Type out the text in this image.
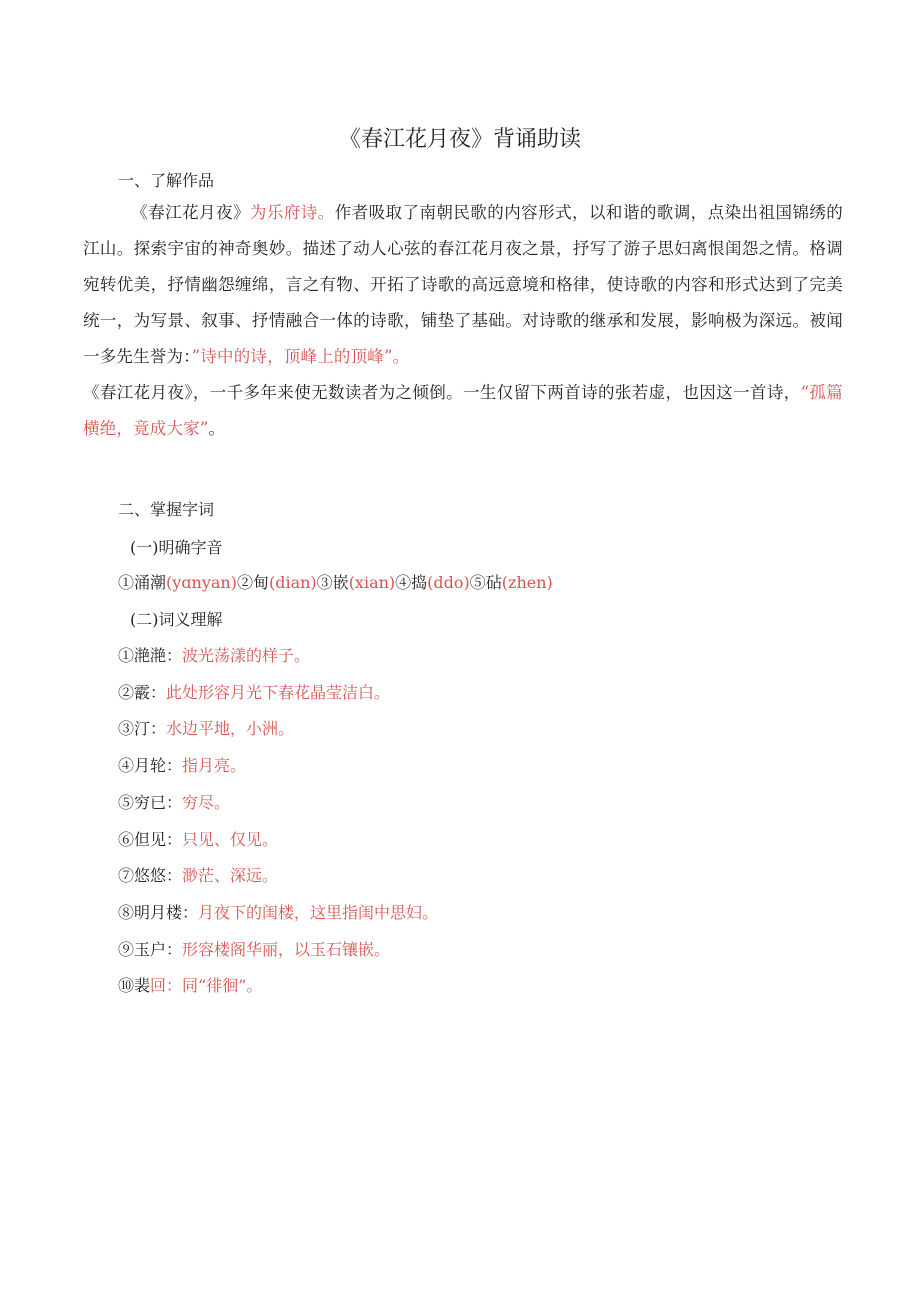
《春江花月夜》背诵助读
一、了解作品
《春江花月夜》为乐府诗。作者吸取了南朝民歌的内容形式，以和谐的歌调，点染出祖国锦绣的江山。探索宇宙的神奇奥妙。描述了动人心弦的春江花月夜之景，抒写了游子思妇离恨闺怨之情。格调宛转优美，抒情幽怨缠绵，言之有物、开拓了诗歌的高远意境和格律，使诗歌的内容和形式达到了完美统一，为写景、叙事、抒情融合一体的诗歌，铺垫了基础。对诗歌的继承和发展，影响极为深远。被闻一多先生誉为：”诗中的诗，顶峰上的顶峰”。
《春江花月夜》，一千多年来使无数读者为之倾倒。一生仅留下两首诗的张若虚，也因这一首诗，“孤篇横绝，竟成大家”。
二、掌握字词
(一)明确字音
①涌潮(yɑnyan)②甸(dian)③嵌(xian)④捣(ddo)⑤砧(zhen)
(二)词义理解
①滟滟：波光荡漾的样子。
②霰：此处形容月光下春花晶莹洁白。
③汀：水边平地，小洲。
④月轮：指月亮。
⑤穷已：穷尽。
⑥但见：只见、仅见。
⑦悠悠：渺茫、深远。
⑧明月楼：月夜下的闺楼，这里指闺中思妇。
⑨玉户：形容楼阁华丽，以玉石镶嵌。
⑩裴回：同“徘徊”。
